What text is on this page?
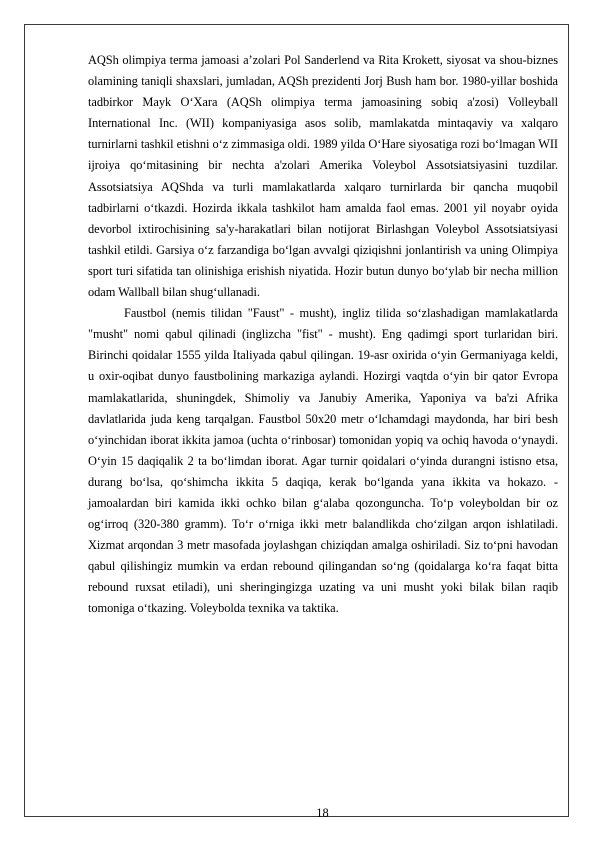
AQSh olimpiya terma jamoasi a’zolari Pol Sanderlend va Rita Krokett, siyosat va shou-biznes olamining taniqli shaxslari, jumladan, AQSh prezidenti Jorj Bush ham bor. 1980-yillar boshida tadbirkor Mayk O‘Xara (AQSh olimpiya terma jamoasining sobiq a'zosi) Volleyball International Inc. (WII) kompaniyasiga asos solib, mamlakatda mintaqaviy va xalqaro turnirlarni tashkil etishni o‘z zimmasiga oldi. 1989 yilda O‘Hare siyosatiga rozi bo‘lmagan WII ijroiya qo‘mitasining bir nechta a'zolari Amerika Voleybol Assotsiatsiyasini tuzdilar. Assotsiatsiya AQShda va turli mamlakatlarda xalqaro turnirlarda bir qancha muqobil tadbirlarni o‘tkazdi. Hozirda ikkala tashkilot ham amalda faol emas. 2001 yil noyabr oyida devorbol ixtirochisining sa'y-harakatlari bilan notijorat Birlashgan Voleybol Assotsiatsiyasi tashkil etildi. Garsiya o‘z farzandiga bo‘lgan avvalgi qiziqishni jonlantirish va uning Olimpiya sport turi sifatida tan olinishiga erishish niyatida. Hozir butun dunyo bo‘ylab bir necha million odam Wallball bilan shug‘ullanadi.

Faustbol (nemis tilidan "Faust" - musht), ingliz tilida so‘zlashadigan mamlakatlarda "musht" nomi qabul qilinadi (inglizcha "fist" - musht). Eng qadimgi sport turlaridan biri. Birinchi qoidalar 1555 yilda Italiyada qabul qilingan. 19-asr oxirida o‘yin Germaniyaga keldi, u oxir-oqibat dunyo faustbolining markaziga aylandi. Hozirgi vaqtda o‘yin bir qator Evropa mamlakatlarida, shuningdek, Shimoliy va Janubiy Amerika, Yaponiya va ba'zi Afrika davlatlarida juda keng tarqalgan. Faustbol 50x20 metr o‘lchamdagi maydonda, har biri besh o‘yinchidan iborat ikkita jamoa (uchta o‘rinbosar) tomonidan yopiq va ochiq havoda o‘ynaydi. O‘yin 15 daqiqalik 2 ta bo‘limdan iborat. Agar turnir qoidalari o‘yinda durangni istisno etsa, durang bo‘lsa, qo‘shimcha ikkita 5 daqiqa, kerak bo‘lganda yana ikkita va hokazo. - jamoalardan biri kamida ikki ochko bilan g‘alaba qozonguncha. To‘p voleyboldan bir oz og‘irroq (320-380 gramm). To‘r o‘rniga ikki metr balandlikda cho‘zilgan arqon ishlatiladi. Xizmat arqondan 3 metr masofada joylashgan chiziqdan amalga oshiriladi. Siz to‘pni havodan qabul qilishingiz mumkin va erdan rebound qilingandan so‘ng (qoidalarga ko‘ra faqat bitta rebound ruxsat etiladi), uni sheringingizga uzating va uni musht yoki bilak bilan raqib tomoniga o‘tkazing. Voleybolda texnika va taktika.

18
